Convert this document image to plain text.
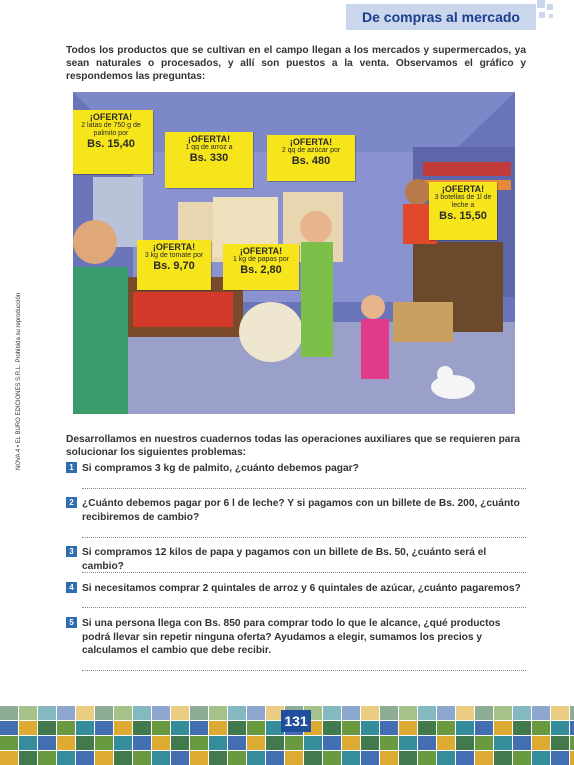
De compras al mercado
NOVA 4 • EL BURO EDICIONES S.R.L. Prohibida su reproducción
Todos los productos que se cultivan en el campo llegan a los mercados y supermercados, ya sean naturales o procesados, y allí son puestos a la venta. Observamos el gráfico y respondemos las preguntas:
¡OFERTA!
2 latas de 750 g de palmito por
Bs. 15,40	¡OFERTA!
1 qq de arroz a
Bs. 330
¡OFERTA!
2 qq de azúcar por
Bs. 480
¡OFERTA!
3 botellas de 1l de leche a
Bs. 15,50
¡OFERTA!
3 kg de tomate por
Bs. 9,70
¡OFERTA!
1 kg de papas por
Bs. 2,80
Desarrollamos en nuestros cuadernos todas las operaciones auxiliares que se requieren para solucionar los siguientes problemas:
1 Si compramos 3 kg de palmito, ¿cuánto debemos pagar?
2 ¿Cuánto debemos pagar por 6 l de leche? Y si pagamos con un billete de Bs. 200, ¿cuánto recibiremos de cambio?
3 Si compramos 12 kilos de papa y pagamos con un billete de Bs. 50, ¿cuánto será el cambio?
4 Si necesitamos comprar 2 quintales de arroz y 6 quintales de azúcar, ¿cuánto pagaremos?
5 Si una persona llega con Bs. 850 para comprar todo lo que le alcance, ¿qué productos podrá llevar sin repetir ninguna oferta? Ayudamos a elegir, sumamos los precios y calculamos el cambio que debe recibir.
131
